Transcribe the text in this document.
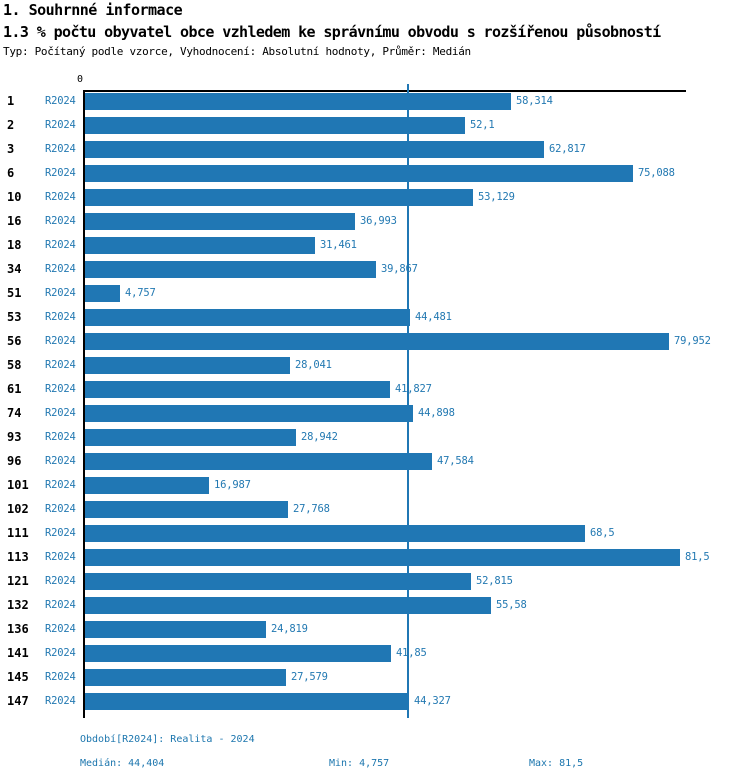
1. Souhrnné informace
1.3 % počtu obyvatel obce vzhledem ke správnímu obvodu s rozšířenou působností
Typ: Počítaný podle vzorce, Vyhodnocení: Absolutní hodnoty, Průměr: Medián
0
1	R2024	58,314
2	R2024	52,1
3	R2024	62,817
6	R2024	75,088
10 R2024	53,129
16 R2024	36,993
18 R2024	31,461
34 R2024	39,867
51 R2024	4,757
53 R2024	44,481
56 R2024	79,952
58 R2024	28,041
61 R2024	41,827
74 R2024	44,898
93 R2024	28,942
96 R2024	47,584
101 R2024	16,987
102 R2024	27,768
111 R2024	68,5
113 R2024	81,5
121 R2024	52,815
132 R2024	55,58
136 R2024	24,819
141 R2024	41,85
145 R2024	27,579
147 R2024	44,327
Období[R2024]: Realita - 2024
Medián: 44,404	Min: 4,757	Max: 81,5
